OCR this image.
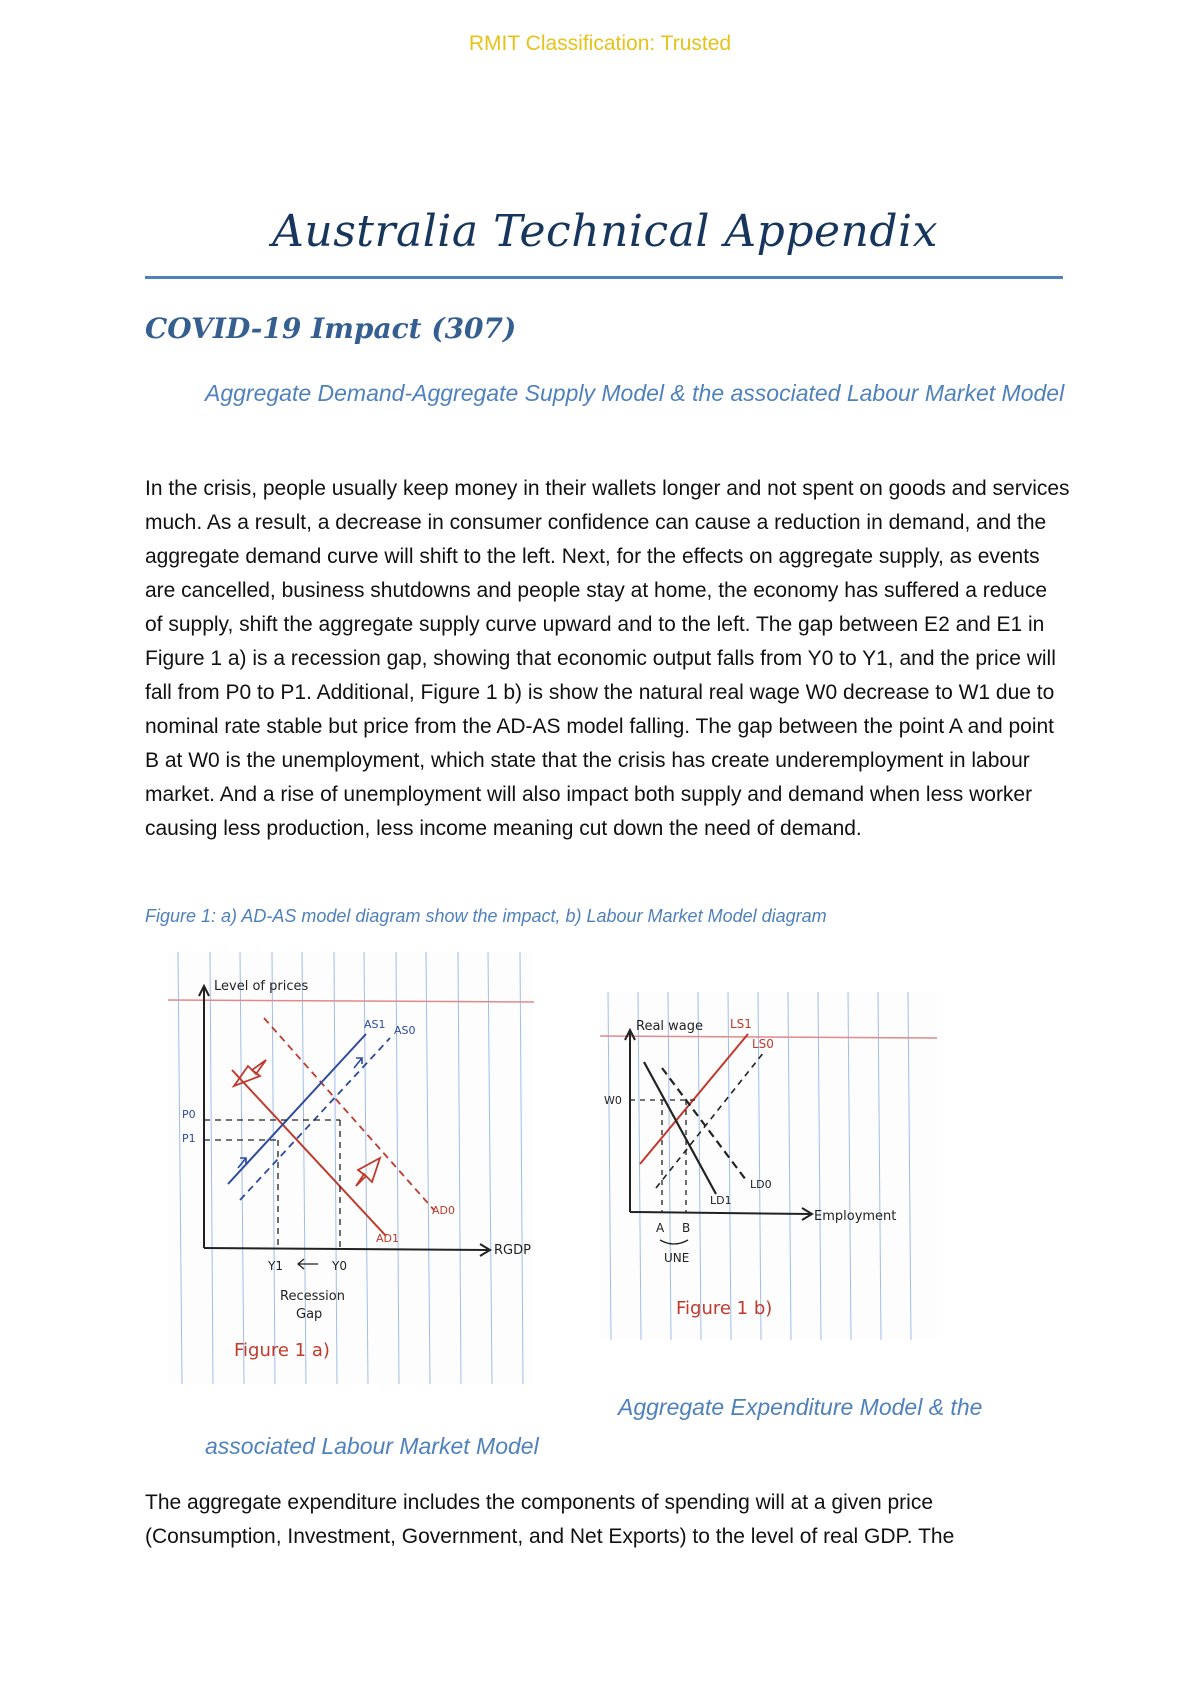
RMIT Classification: Trusted
Australia Technical Appendix
COVID-19 Impact (307)
Aggregate Demand-Aggregate Supply Model & the associated Labour Market Model

In the crisis, people usually keep money in their wallets longer and not spent on goods and services much. As a result, a decrease in consumer confidence can cause a reduction in demand, and the aggregate demand curve will shift to the left. Next, for the effects on aggregate supply, as events are cancelled, business shutdowns and people stay at home, the economy has suffered a reduce of supply, shift the aggregate supply curve upward and to the left. The gap between E2 and E1 in Figure 1 a) is a recession gap, showing that economic output falls from Y0 to Y1, and the price will fall from P0 to P1. Additional, Figure 1 b) is show the natural real wage W0 decrease to W1 due to nominal rate stable but price from the AD-AS model falling. The gap between the point A and point B at W0 is the unemployment, which state that the crisis has create underemployment in labour market. And a rise of unemployment will also impact both supply and demand when less worker causing less production, less income meaning cut down the need of demand.

Figure 1: a) AD-AS model diagram show the impact, b) Labour Market Model diagram
Level of prices
RGDP
AS1 AS0
AD0
AD1
P0
P1
Y1	Y0
Recession
Gap
Figure 1 a)
Real wage
Employment
LS1
LS0
LD0
LD1
W0
A B
UNE
Figure 1 b)
Aggregate Expenditure Model & the
associated Labour Market Model

The aggregate expenditure includes the components of spending will at a given price (Consumption, Investment, Government, and Net Exports) to the level of real GDP. The
